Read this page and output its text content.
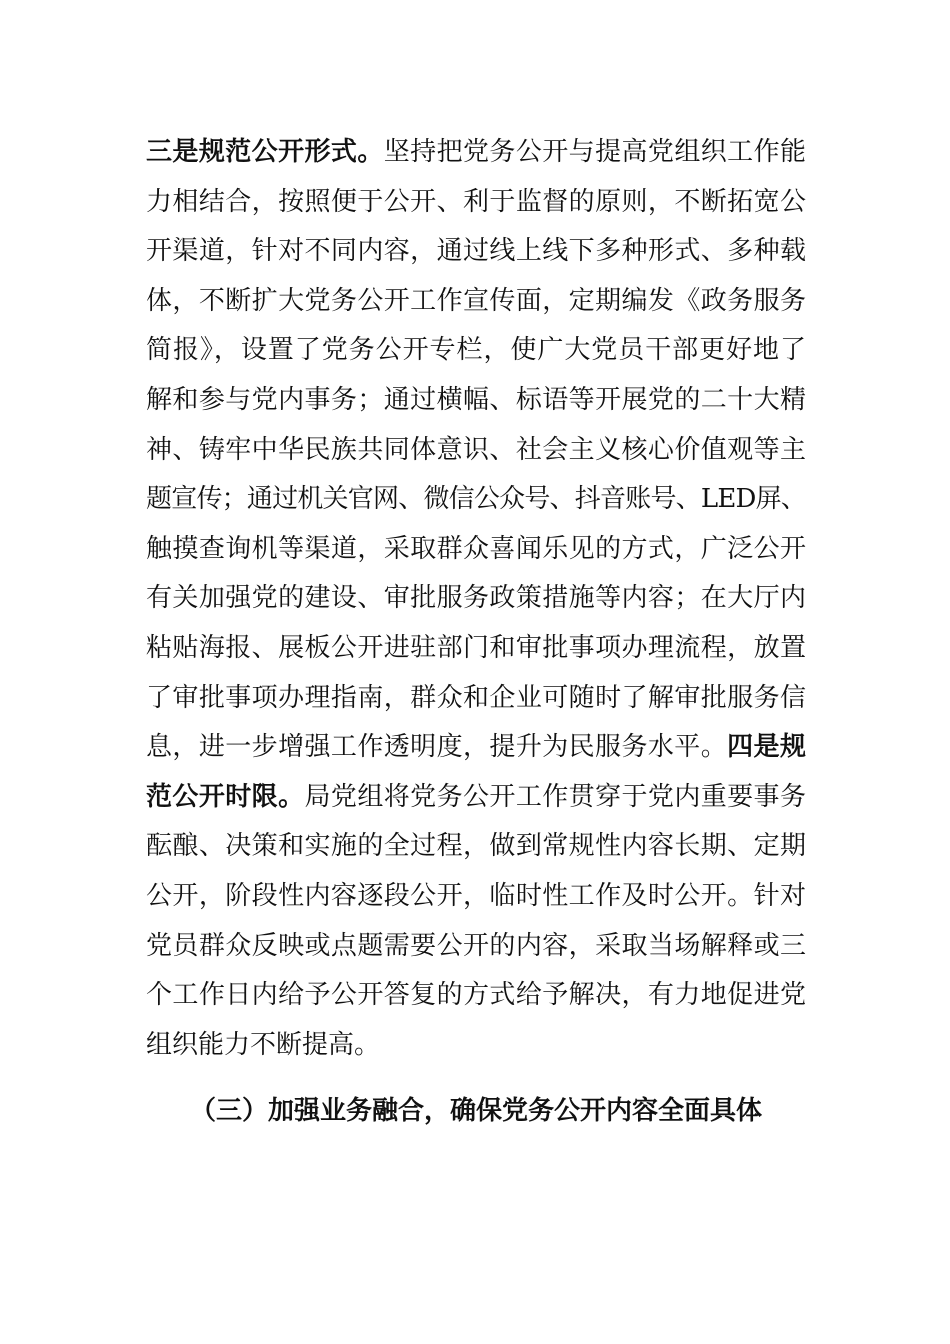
三是规范公开形式。坚持把党务公开与提高党组织工作能
力相结合，按照便于公开、利于监督的原则，不断拓宽公
开渠道，针对不同内容，通过线上线下多种形式、多种载
体，不断扩大党务公开工作宣传面，定期编发《政务服务
简报》，设置了党务公开专栏，使广大党员干部更好地了
解和参与党内事务；通过横幅、标语等开展党的二十大精
神、铸牢中华民族共同体意识、社会主义核心价值观等主
题宣传；通过机关官网、微信公众号、抖音账号、LED屏、
触摸查询机等渠道，采取群众喜闻乐见的方式，广泛公开
有关加强党的建设、审批服务政策措施等内容；在大厅内
粘贴海报、展板公开进驻部门和审批事项办理流程，放置
了审批事项办理指南，群众和企业可随时了解审批服务信
息，进一步增强工作透明度，提升为民服务水平。四是规
范公开时限。局党组将党务公开工作贯穿于党内重要事务
酝酿、决策和实施的全过程，做到常规性内容长期、定期
公开，阶段性内容逐段公开，临时性工作及时公开。针对
党员群众反映或点题需要公开的内容，采取当场解释或三
个工作日内给予公开答复的方式给予解决，有力地促进党
组织能力不断提高。
（三）加强业务融合，确保党务公开内容全面具体
